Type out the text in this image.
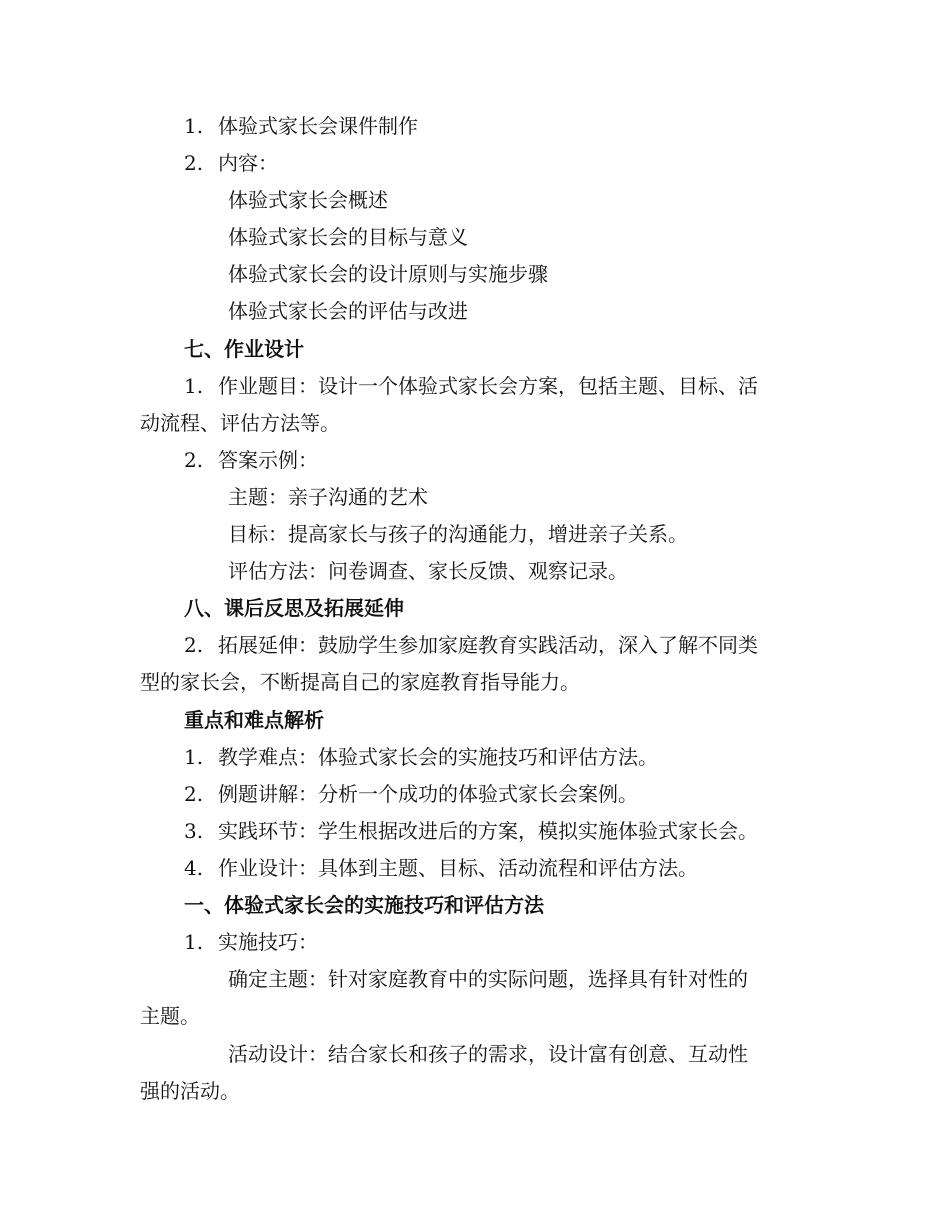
1. 体验式家长会课件制作
2. 内容：
体验式家长会概述
体验式家长会的目标与意义
体验式家长会的设计原则与实施步骤
体验式家长会的评估与改进
七、作业设计
1. 作业题目：设计一个体验式家长会方案，包括主题、目标、活
动流程、评估方法等。
2. 答案示例：
主题：亲子沟通的艺术
目标：提高家长与孩子的沟通能力，增进亲子关系。
评估方法：问卷调查、家长反馈、观察记录。
八、课后反思及拓展延伸
2. 拓展延伸：鼓励学生参加家庭教育实践活动，深入了解不同类
型的家长会，不断提高自己的家庭教育指导能力。
重点和难点解析
1. 教学难点：体验式家长会的实施技巧和评估方法。
2. 例题讲解：分析一个成功的体验式家长会案例。
3. 实践环节：学生根据改进后的方案，模拟实施体验式家长会。
4. 作业设计：具体到主题、目标、活动流程和评估方法。
一、体验式家长会的实施技巧和评估方法
1. 实施技巧：
确定主题：针对家庭教育中的实际问题，选择具有针对性的
主题。
活动设计：结合家长和孩子的需求，设计富有创意、互动性
强的活动。
